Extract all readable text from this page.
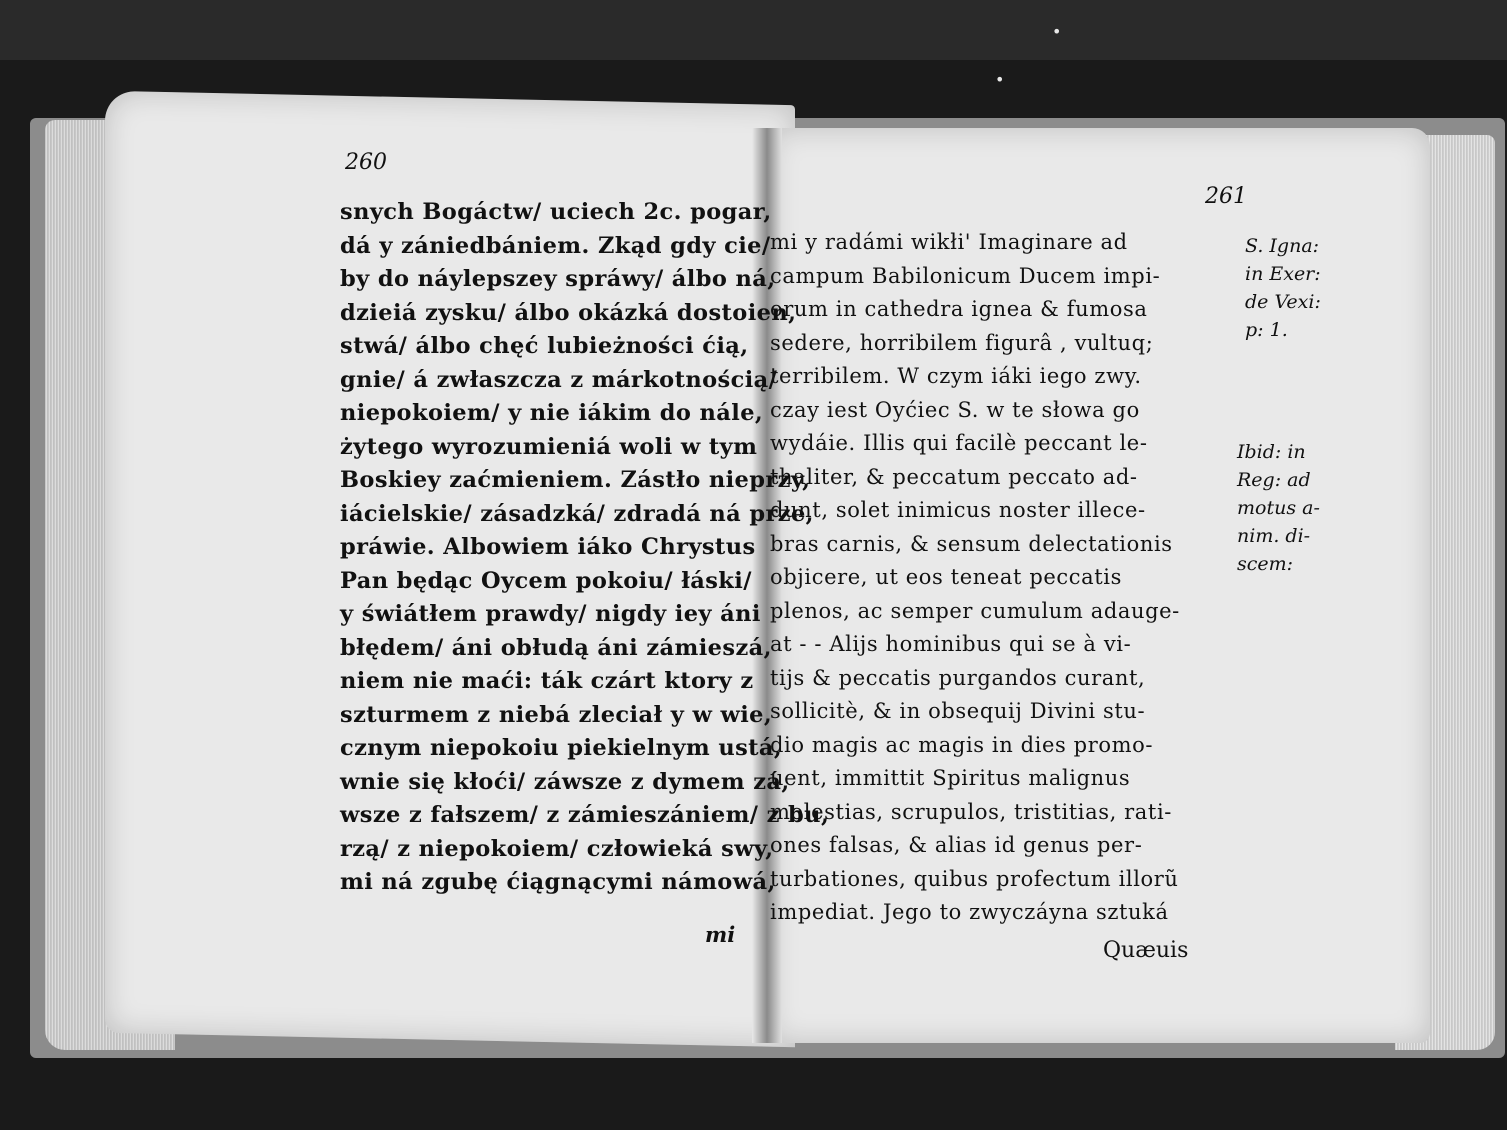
•
•
260
snych Bogáctw/ uciech 2c. pogar,
dá y zániedbániem. Zkąd gdy cie/
by do náylepszey spráwy/ álbo ná,
dzieiá zysku/ álbo okázká dostoien,
stwá/ álbo chęć lubieżności ćią,
gnie/ á zwłaszcza z márkotnością/
niepokoiem/ y nie iákim do nále,
żytego wyrozumieniá woli w tym
Boskiey zaćmieniem. Zástło nieprzy,
iácielskie/ zásadzká/ zdradá ná prze,
práwie. Albowiem iáko Chrystus
Pan będąc Oycem pokoiu/ łáski/
y świátłem prawdy/ nigdy iey áni
błędem/ áni obłudą áni zámieszá,
niem nie maći: ták czárt ktory z
szturmem z niebá zleciał y w wie,
cznym niepokoiu piekielnym ustá,
wnie się kłoći/ záwsze z dymem zá,
wsze z fałszem/ z zámieszániem/ z bu,
rzą/ z niepokoiem/ człowieká swy,
mi ná zgubę ćiągnącymi námowá,
mi
261
mi y radámi wikłi' Imaginare ad
campum Babilonicum Ducem impi-
orum in cathedra ignea & fumosa
sedere, horribilem figurâ , vultuq;
terribilem. W czym iáki iego zwy.
czay iest Oyćiec S. w te słowa go
wydáie. Illis qui facilè peccant le-
thaliter, & peccatum peccato ad-
dunt, solet inimicus noster illece-
bras carnis, & sensum delectationis
objicere, ut eos teneat peccatis
plenos, ac semper cumulum adauge-
at - - Alijs hominibus qui se à vi-
tijs & peccatis purgandos curant,
sollicitè, & in obsequij Divini stu-
dio magis ac magis in dies promo-
uent, immittit Spiritus malignus
molestias, scrupulos, tristitias, rati-
ones falsas, & alias id genus per-
turbationes, quibus profectum illorũ
impediat. Jego to zwyczáyna sztuká
S. Igna:
in Exer:
de Vexi:
p: 1.
Ibid: in
Reg: ad
motus a-
nim. di-
scem:
Quæuis
